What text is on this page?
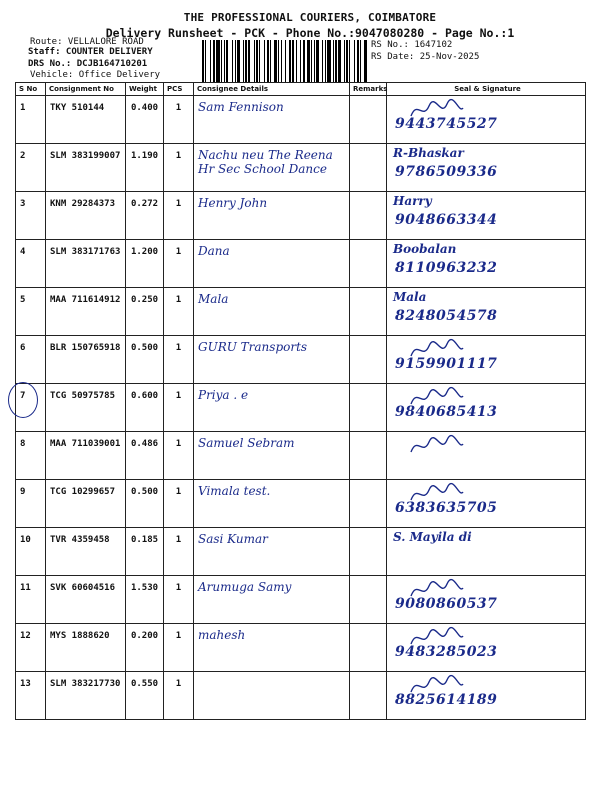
THE PROFESSIONAL COURIERS, COIMBATORE
Delivery Runsheet - PCK - Phone No.:9047080280 - Page No.:1
Route: VELLALORE ROAD
Staff: COUNTER DELIVERY
DRS No.: DCJB164710201
Vehicle: Office Delivery
RS No.: 1647102
RS Date: 25-Nov-2025
S No	Consignment No	Weight	PCS	Consignee Details	Remarks	Seal & Signature
1	TKY 510144	0.400	1	Sam Fennison		9443745527

2	SLM 383199007	1.190	1	Nachu neu The Reena Hr Sec School Dance		R-Bhaskar
9786509336

3	KNM 29284373	0.272	1	Henry John		Harry
9048663344

4	SLM 383171763	1.200	1	Dana		Boobalan
8110963232

5	MAA 711614912	0.250	1	Mala		Mala
8248054578

6	BLR 150765918	0.500	1	GURU Transports		9159901117

7	TCG 50975785	0.600	1	Priya . e		9840685413

8	MAA 711039001	0.486	1	Samuel Sebram		

9	TCG 10299657	0.500	1	Vimala test.		6383635705

10	TVR 4359458	0.185	1	Sasi Kumar		S. Mayila di

11	SVK 60604516	1.530	1	Arumuga Samy		9080860537

12	MYS 1888620	0.200	1	mahesh		9483285023

13	SLM 383217730	0.550	1			8825614189
